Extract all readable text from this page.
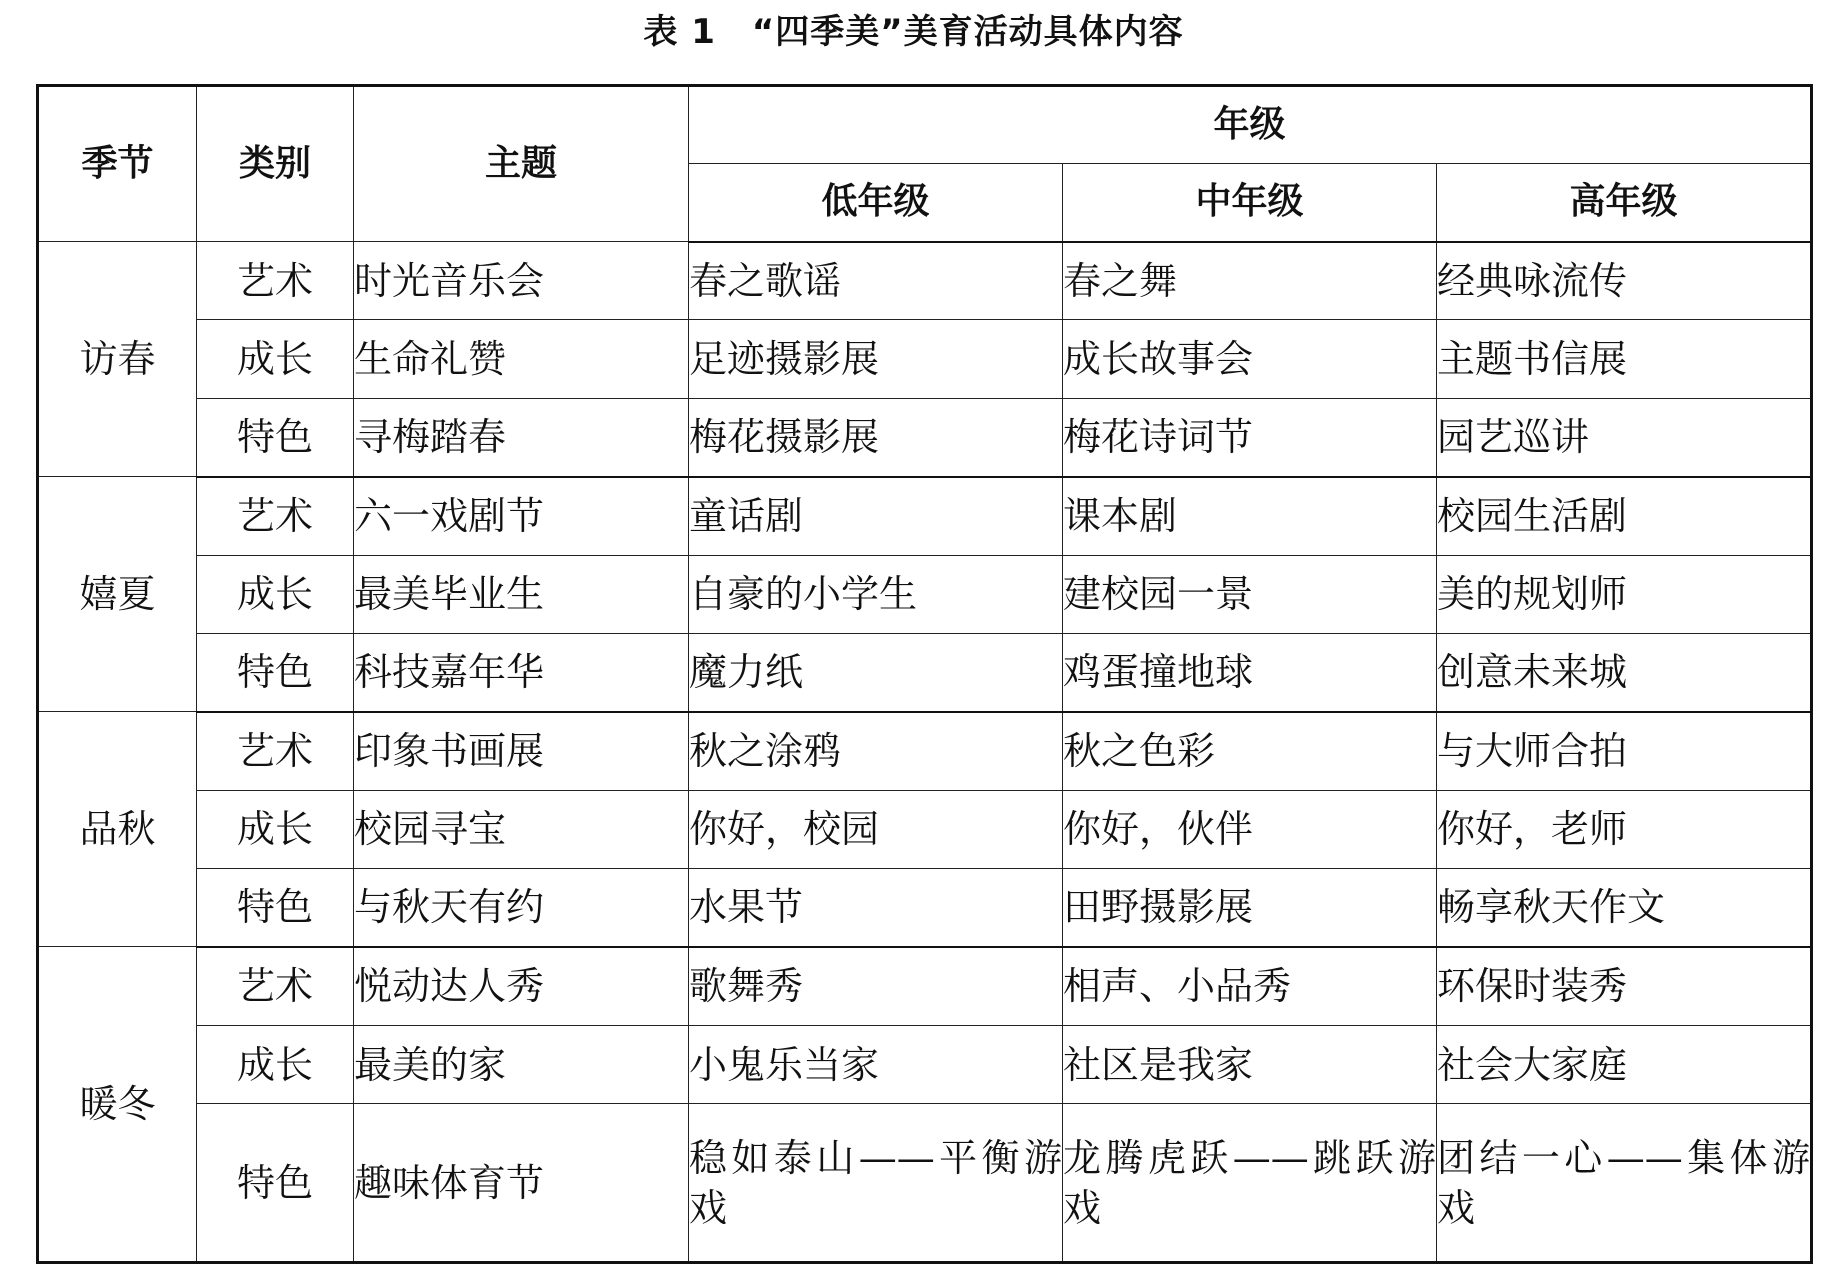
表 1 “四季美”美育活动具体内容
季节	类别	主题	年级		
			低年级	中年级	高年级
访春	艺术	时光音乐会	春之歌谣	春之舞	经典咏流传
	成长	生命礼赞	足迹摄影展	成长故事会	主题书信展
	特色	寻梅踏春	梅花摄影展	梅花诗词节	园艺巡讲
嬉夏	艺术	六一戏剧节	童话剧	课本剧	校园生活剧
	成长	最美毕业生	自豪的小学生	建校园一景	美的规划师
	特色	科技嘉年华	魔力纸	鸡蛋撞地球	创意未来城
品秋	艺术	印象书画展	秋之涂鸦	秋之色彩	与大师合拍
	成长	校园寻宝	你好，校园	你好，伙伴	你好，老师
	特色	与秋天有约	水果节	田野摄影展	畅享秋天作文
暖冬	艺术	悦动达人秀	歌舞秀	相声、小品秀	环保时装秀
	成长	最美的家	小鬼乐当家	社区是我家	社会大家庭
	特色	趣味体育节	稳如泰山——平衡游戏	龙腾虎跃——跳跃游戏	团结一心——集体游戏
